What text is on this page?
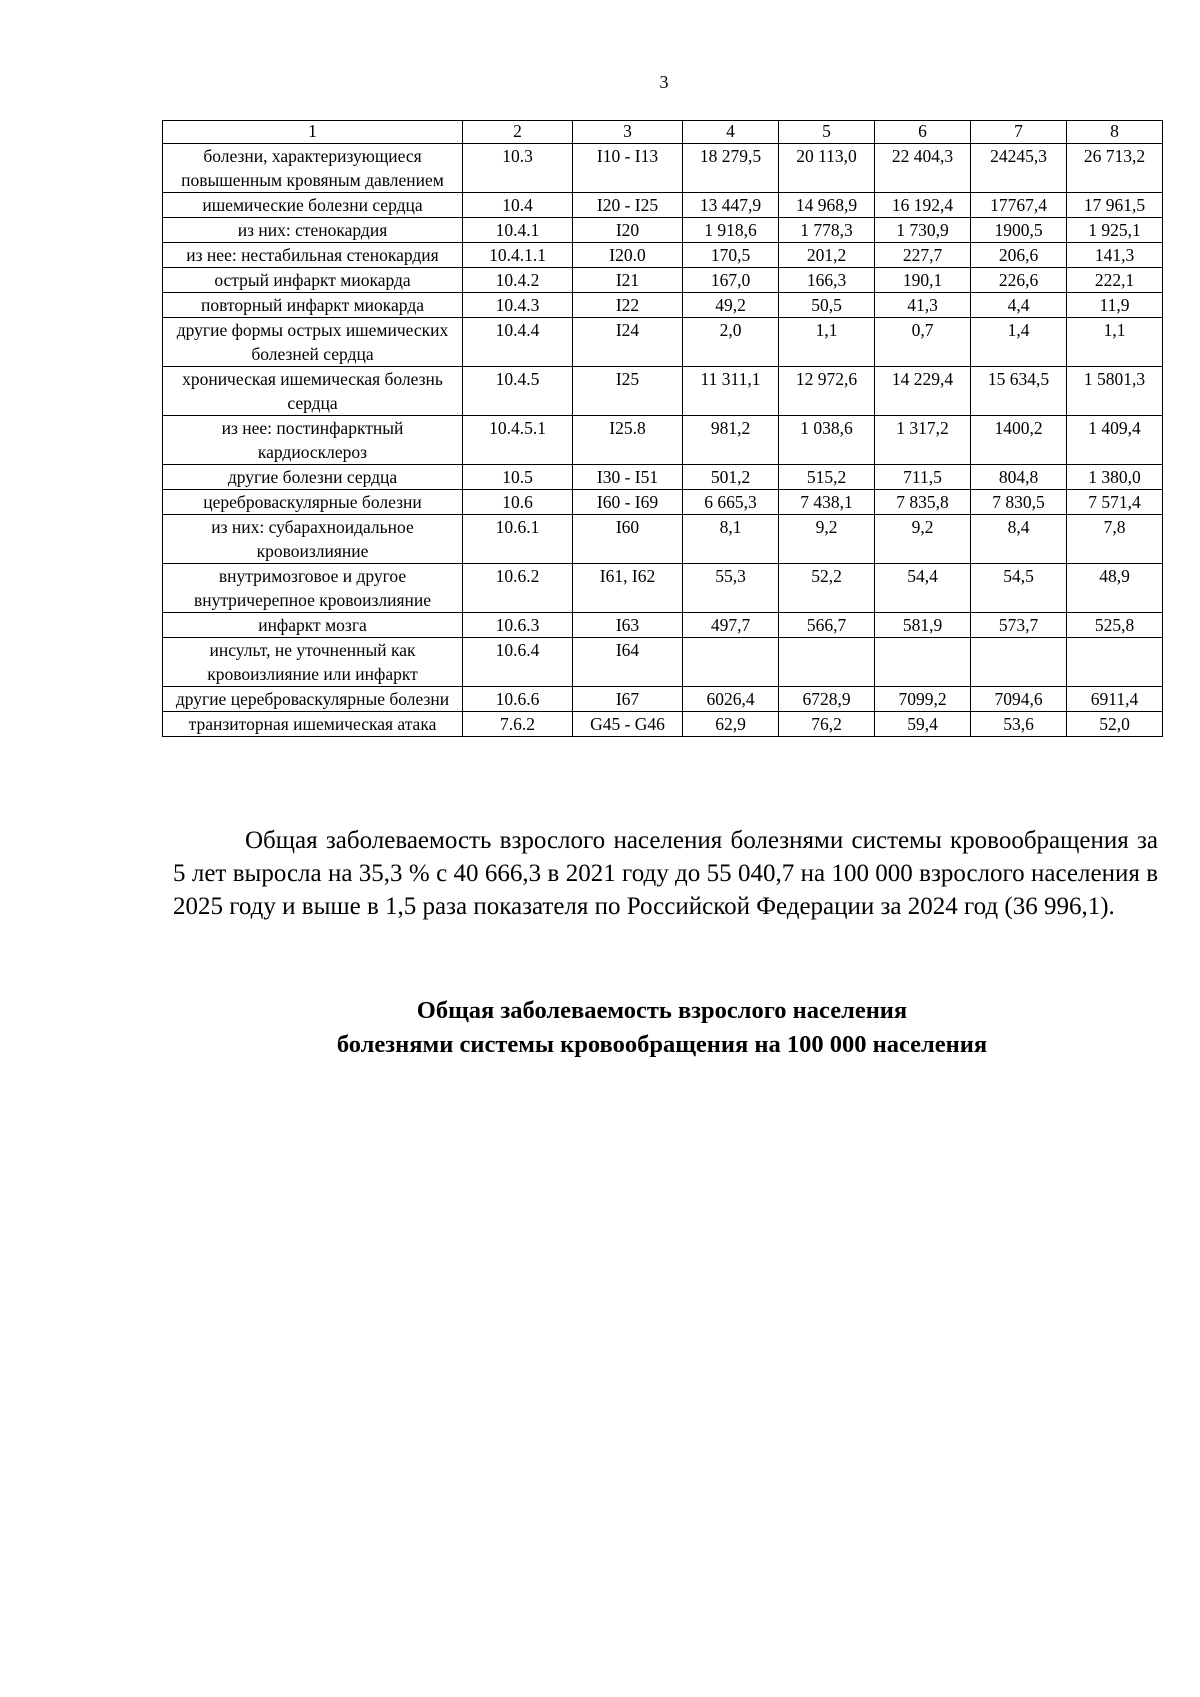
3
1	2	3	4	5	6	7	8
болезни, характеризующиеся повышенным кровяным давлением	10.3	I10 - I13	18 279,5	20 113,0	22 404,3	24245,3	26 713,2
ишемические болезни сердца	10.4	I20 - I25	13 447,9	14 968,9	16 192,4	17767,4	17 961,5
из них: стенокардия	10.4.1	I20	1 918,6	1 778,3	1 730,9	1900,5	1 925,1
из нее: нестабильная стенокардия	10.4.1.1	I20.0	170,5	201,2	227,7	206,6	141,3
острый инфаркт миокарда	10.4.2	I21	167,0	166,3	190,1	226,6	222,1
повторный инфаркт миокарда	10.4.3	I22	49,2	50,5	41,3	4,4	11,9
другие формы острых ишемических болезней сердца	10.4.4	I24	2,0	1,1	0,7	1,4	1,1
хроническая ишемическая болезнь сердца	10.4.5	I25	11 311,1	12 972,6	14 229,4	15 634,5	1 5801,3
из нее: постинфарктный кардиосклероз	10.4.5.1	I25.8	981,2	1 038,6	1 317,2	1400,2	1 409,4
другие болезни сердца	10.5	I30 - I51	501,2	515,2	711,5	804,8	1 380,0
цереброваскулярные болезни	10.6	I60 - I69	6 665,3	7 438,1	7 835,8	7 830,5	7 571,4
из них: субарахноидальное кровоизлияние	10.6.1	I60	8,1	9,2	9,2	8,4	7,8
внутримозговое и другое внутричерепное кровоизлияние	10.6.2	I61, I62	55,3	52,2	54,4	54,5	48,9
инфаркт мозга	10.6.3	I63	497,7	566,7	581,9	573,7	525,8
инсульт, не уточненный как кровоизлияние или инфаркт	10.6.4	I64					
другие цереброваскулярные болезни	10.6.6	I67	6026,4	6728,9	7099,2	7094,6	6911,4
транзиторная ишемическая атака	7.6.2	G45 - G46	62,9	76,2	59,4	53,6	52,0

Общая заболеваемость взрослого населения болезнями системы кровообращения за 5 лет выросла на 35,3 % с 40 666,3 в 2021 году до 55 040,7 на 100 000 взрослого населения в 2025 году и выше в 1,5 раза показателя по Российской Федерации за 2024 год (36 996,1).

Общая заболеваемость взрослого населения
болезнями системы кровообращения на 100 000 населения
